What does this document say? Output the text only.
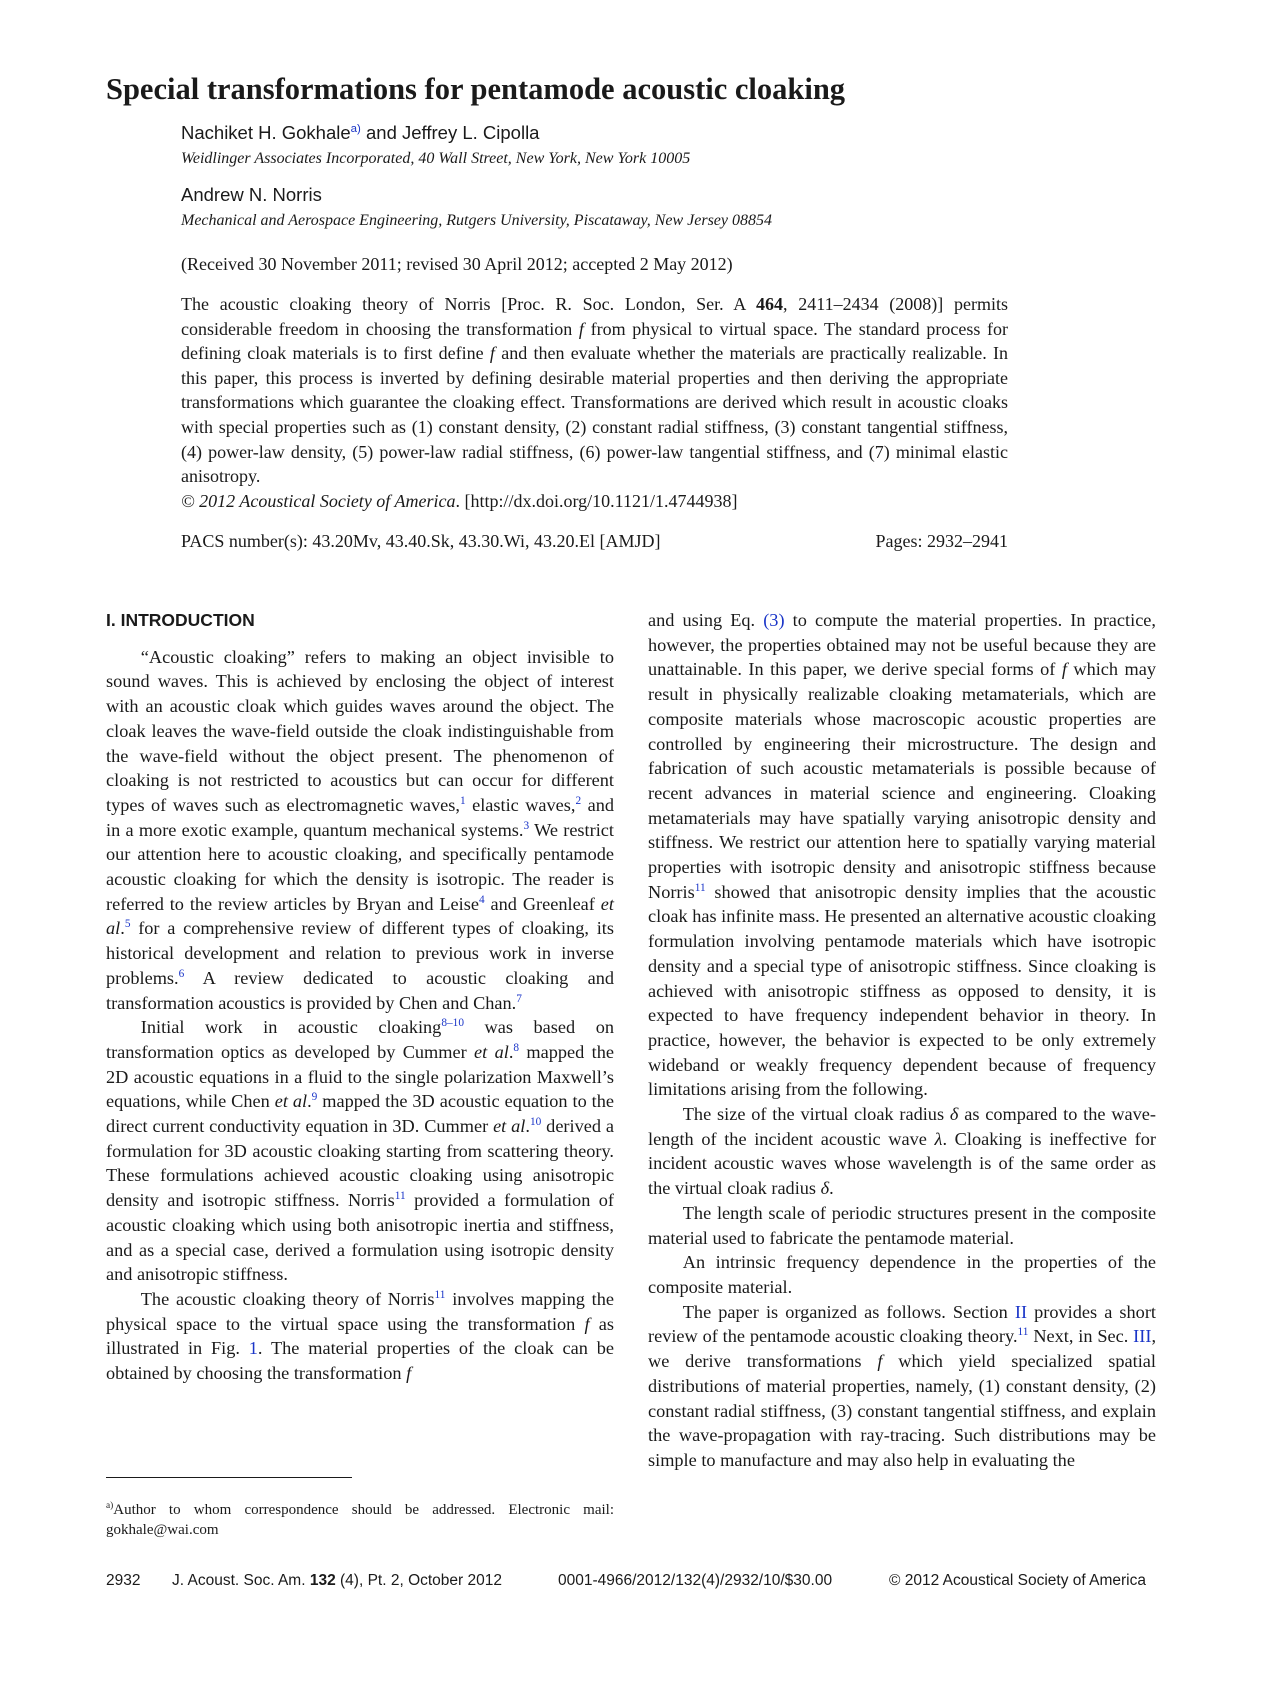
Special transformations for pentamode acoustic cloaking
Nachiket H. Gokhale$^{a)}$ and Jeffrey L. Cipolla
Weidlinger Associates Incorporated, 40 Wall Street, New York, New York 10005
Andrew N. Norris
Mechanical and Aerospace Engineering, Rutgers University, Piscataway, New Jersey 08854
(Received 30 November 2011; revised 30 April 2012; accepted 2 May 2012)

The acoustic cloaking theory of Norris [Proc. R. Soc. London, Ser. A 464, 2411–2434 (2008)] permits considerable freedom in choosing the transformation f from physical to virtual space. The standard process for defining cloak materials is to first define f and then evaluate whether the materials are practically realizable. In this paper, this process is inverted by defining desirable material properties and then deriving the appropriate transformations which guarantee the cloaking effect. Transformations are derived which result in acoustic cloaks with special properties such as (1) constant density, (2) constant radial stiffness, (3) constant tangential stiffness, (4) power-law density, (5) power-law radial stiffness, (6) power-law tangential stiffness, and (7) minimal elastic anisotropy.
© 2012 Acoustical Society of America. [http://dx.doi.org/10.1121/1.4744938]

PACS number(s): 43.20Mv, 43.40.Sk, 43.30.Wi, 43.20.El [AMJD]	Pages: 2932–2941
I. INTRODUCTION

“Acoustic cloaking” refers to making an object invisible to sound waves. This is achieved by enclosing the object of interest with an acoustic cloak which guides waves around the object. The cloak leaves the wave-field outside the cloak indistinguishable from the wave-field without the object present. The phenomenon of cloaking is not restricted to acoustics but can occur for different types of waves such as electromagnetic waves,$^1$ elastic waves,$^2$ and in a more exotic example, quantum mechanical systems.$^3$ We restrict our attention here to acoustic cloaking, and specifically pentamode acoustic cloaking for which the density is isotropic. The reader is referred to the review articles by Bryan and Leise$^4$ and Greenleaf et al.$^5$ for a comprehensive review of different types of cloaking, its historical development and relation to previous work in inverse problems.$^6$ A review dedicated to acoustic cloaking and transformation acoustics is provided by Chen and Chan.$^7$

Initial work in acoustic cloaking$^{8-10}$ was based on transformation optics as developed by Cummer et al.$^8$ mapped the 2D acoustic equations in a fluid to the single polarization Maxwell’s equations, while Chen et al.$^9$ mapped the 3D acoustic equation to the direct current conductivity equation in 3D. Cummer et al.$^{10}$ derived a formulation for 3D acoustic cloaking starting from scattering theory. These formulations achieved acoustic cloaking using anisotropic density and isotropic stiffness. Norris$^{11}$ provided a formulation of acoustic cloaking which using both anisotropic inertia and stiffness, and as a special case, derived a formulation using isotropic density and anisotropic stiffness.

The acoustic cloaking theory of Norris$^{11}$ involves mapping the physical space to the virtual space using the transformation f as illustrated in Fig. 1. The material properties of the cloak can be obtained by choosing the transformation f

and using Eq. (3) to compute the material properties. In practice, however, the properties obtained may not be useful because they are unattainable. In this paper, we derive special forms of f which may result in physically realizable cloaking metamaterials, which are composite materials whose macroscopic acoustic properties are controlled by engineering their microstructure. The design and fabrication of such acoustic metamaterials is possible because of recent advances in material science and engineering. Cloaking metamaterials may have spatially varying anisotropic density and stiffness. We restrict our attention here to spatially varying material properties with isotropic density and anisotropic stiffness because Norris$^{11}$ showed that anisotropic density implies that the acoustic cloak has infinite mass. He presented an alternative acoustic cloaking formulation involving pentamode materials which have isotropic density and a special type of anisotropic stiffness. Since cloaking is achieved with anisotropic stiffness as opposed to density, it is expected to have frequency independent behavior in theory. In practice, however, the behavior is expected to be only extremely wideband or weakly frequency dependent because of frequency limitations arising from the following.

The size of the virtual cloak radius δ as compared to the wave-length of the incident acoustic wave λ. Cloaking is ineffective for incident acoustic waves whose wavelength is of the same order as the virtual cloak radius δ.

The length scale of periodic structures present in the composite material used to fabricate the pentamode material.

An intrinsic frequency dependence in the properties of the composite material.

The paper is organized as follows. Section II provides a short review of the pentamode acoustic cloaking theory.$^{11}$ Next, in Sec. III, we derive transformations f which yield specialized spatial distributions of material properties, namely, (1) constant density, (2) constant radial stiffness, (3) constant tangential stiffness, and explain the wave-propagation with ray-tracing. Such distributions may be simple to manufacture and may also help in evaluating the

$^{a)}$Author to whom correspondence should be addressed. Electronic mail: gokhale@wai.com
2932	J. Acoust. Soc. Am. 132 (4), Pt. 2, October 2012	0001-4966/2012/132(4)/2932/10/$30.00	© 2012 Acoustical Society of America
